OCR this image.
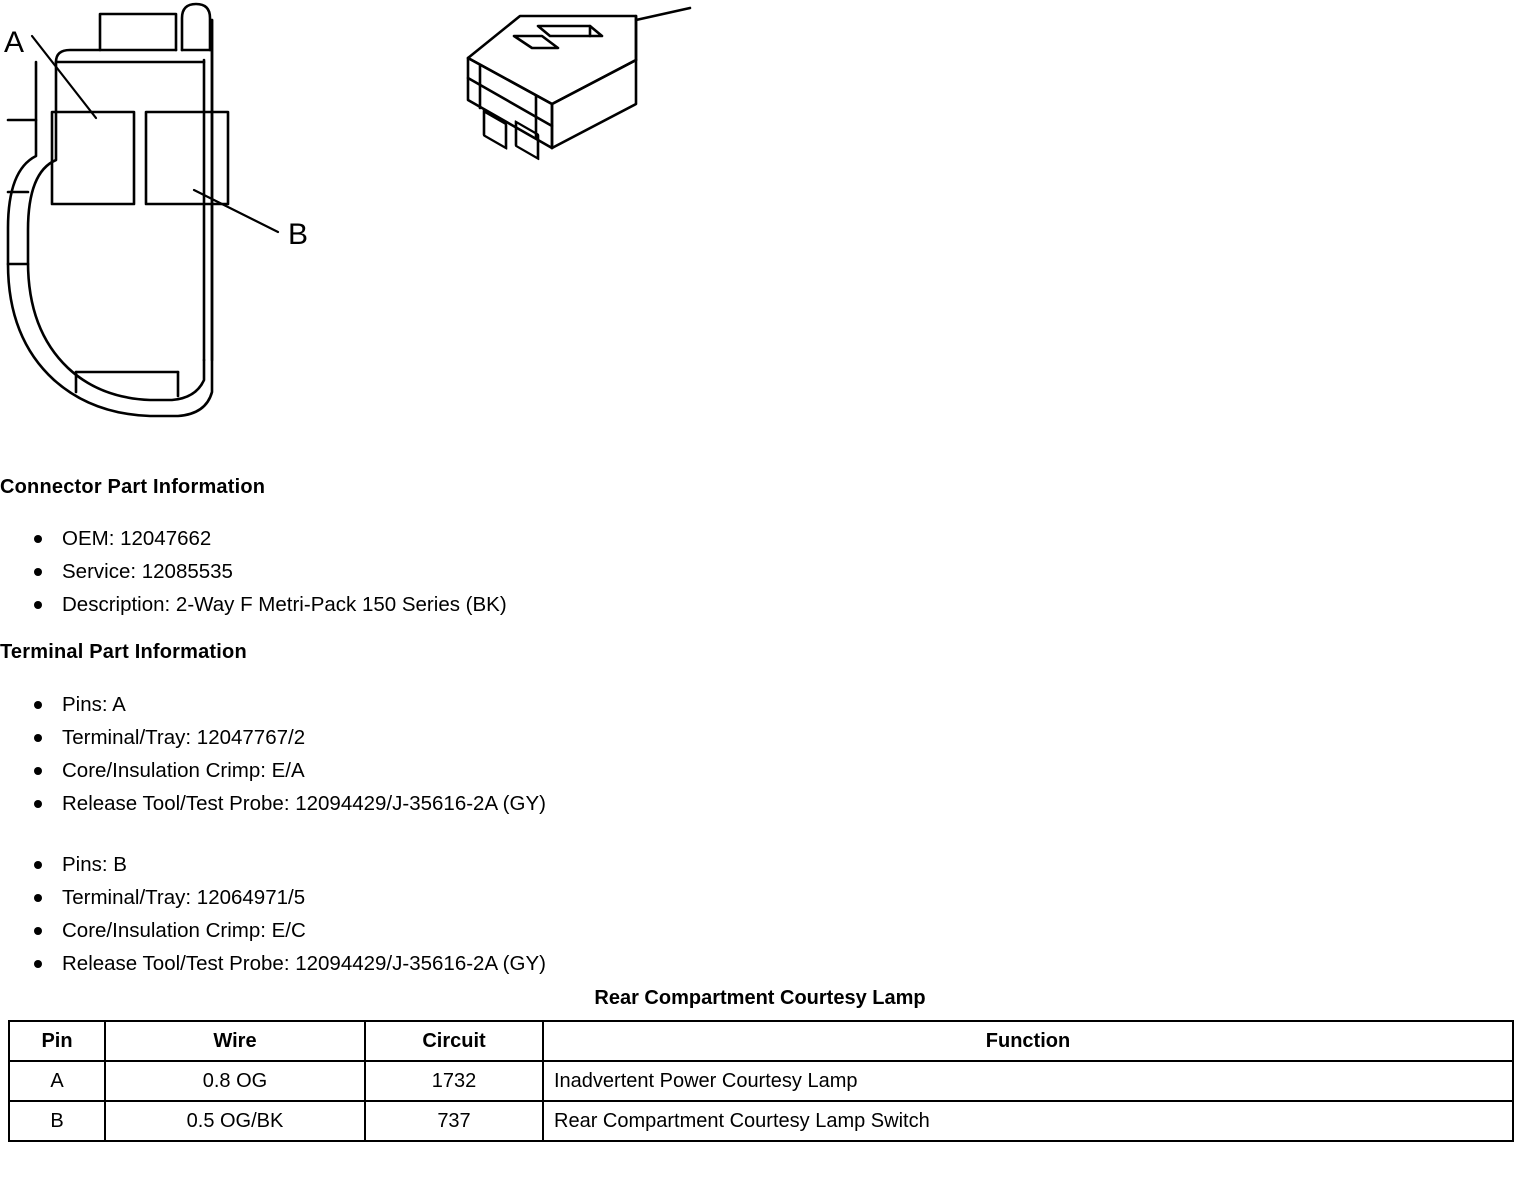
A
B
Connector Part Information
OEM: 12047662
Service: 12085535
Description: 2-Way F Metri-Pack 150 Series (BK)
Terminal Part Information
Pins: A
Terminal/Tray: 12047767/2
Core/Insulation Crimp: E/A
Release Tool/Test Probe: 12094429/J-35616-2A (GY)
Pins: B
Terminal/Tray: 12064971/5
Core/Insulation Crimp: E/C
Release Tool/Test Probe: 12094429/J-35616-2A (GY)
Rear Compartment Courtesy Lamp
Pin	Wire	Circuit	Function
A	0.8 OG	1732	Inadvertent Power Courtesy Lamp
B	0.5 OG/BK	737	Rear Compartment Courtesy Lamp Switch
